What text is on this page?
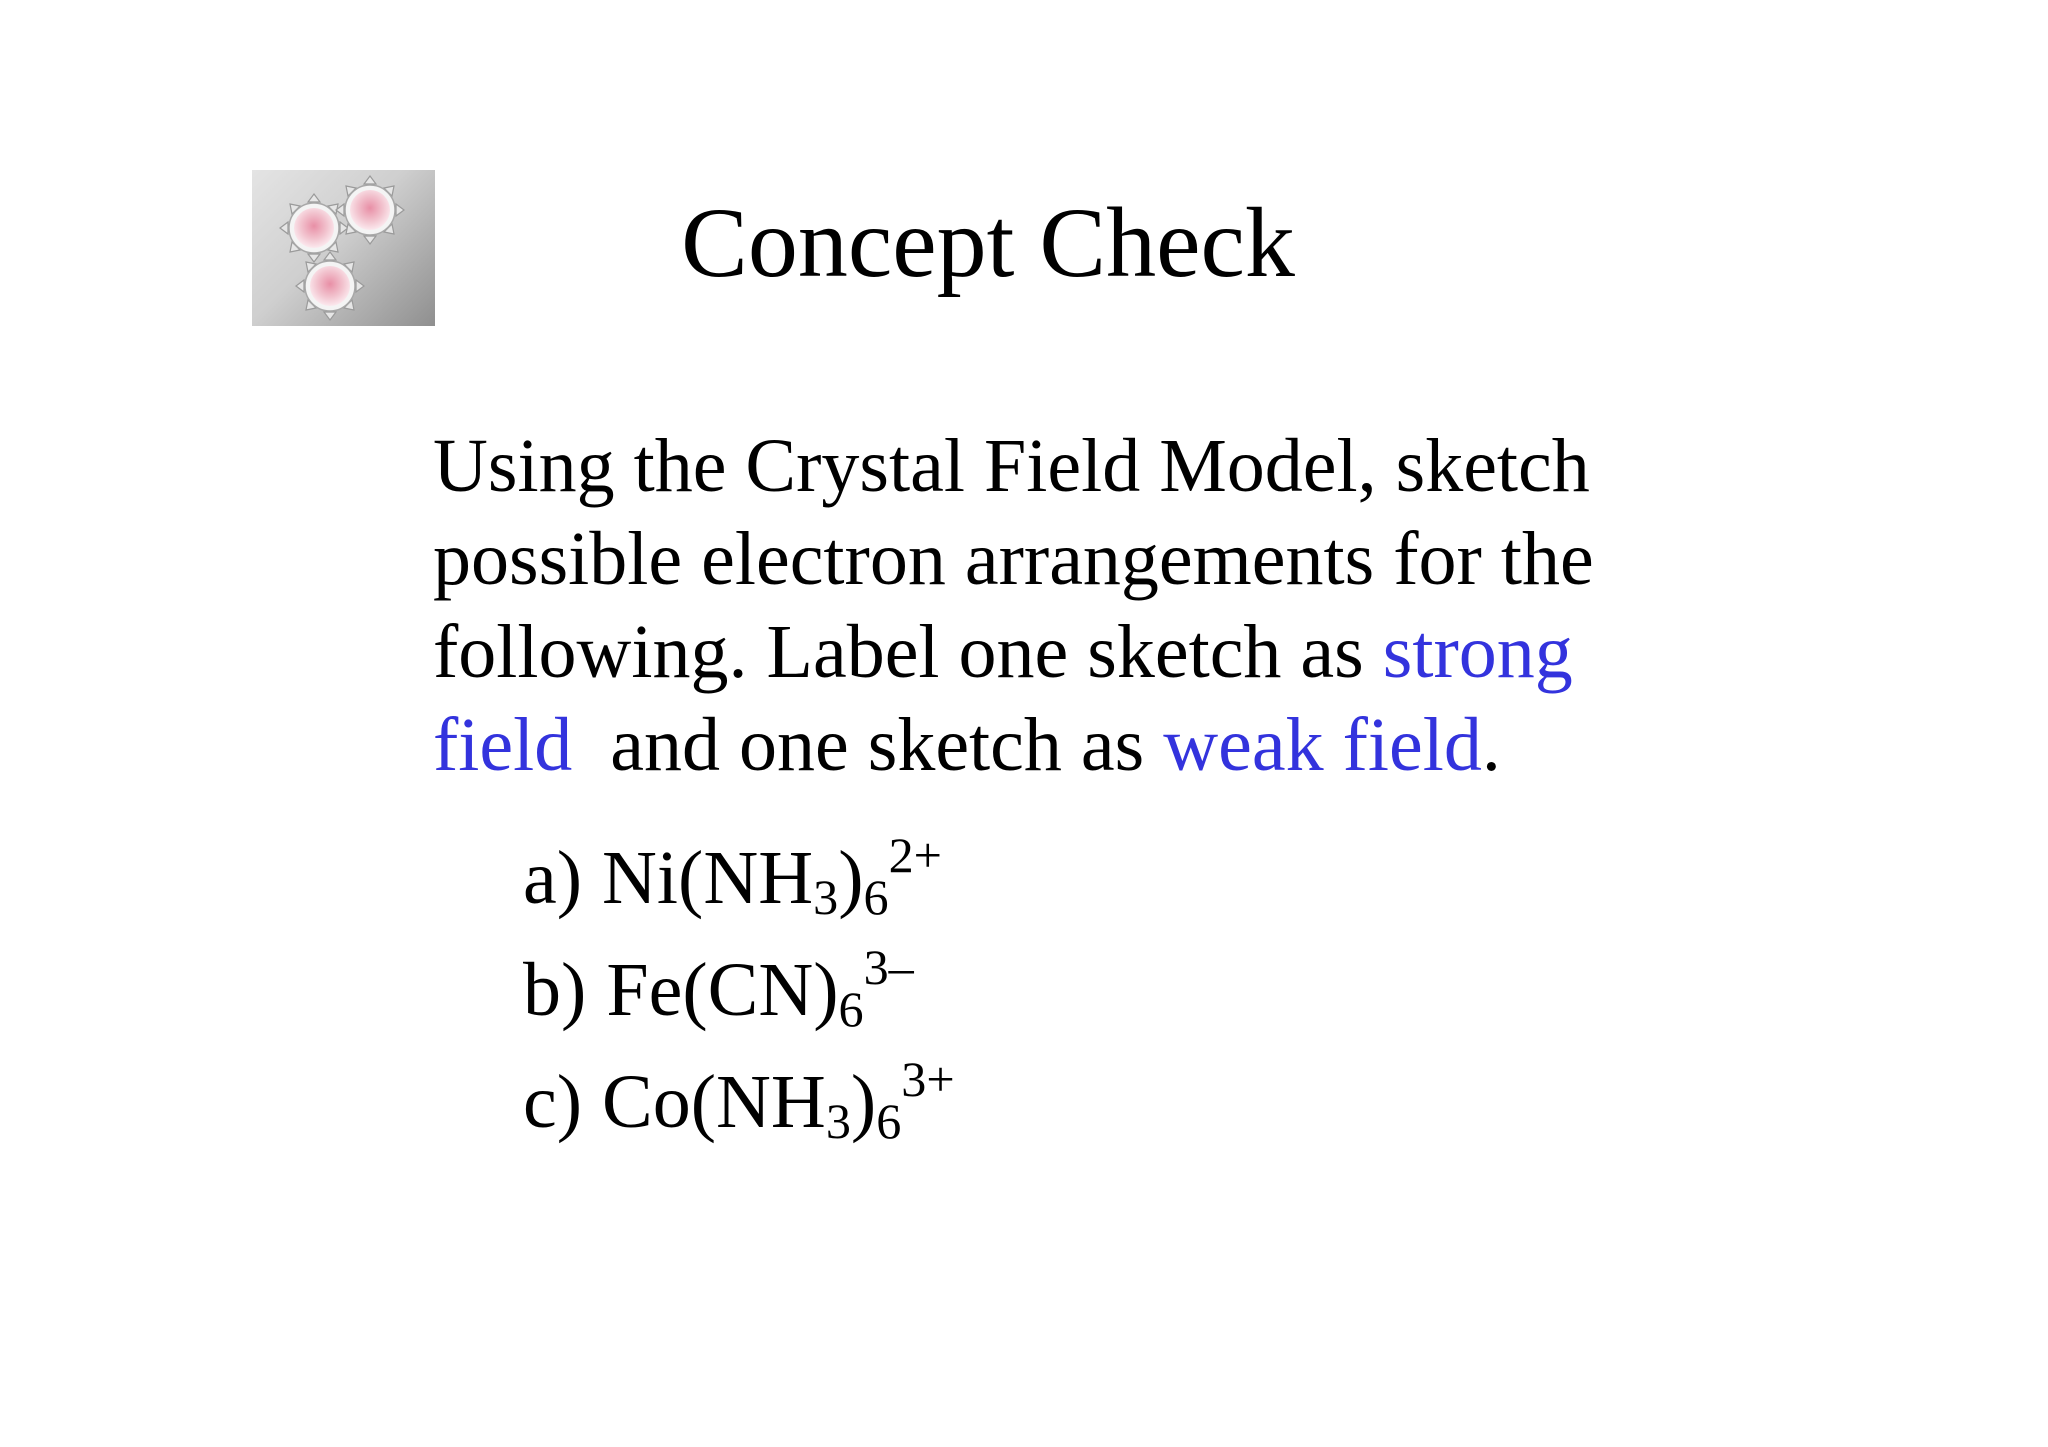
Concept Check
Using the Crystal Field Model, sketch
possible electron arrangements for the
following. Label one sketch as strong
field  and one sketch as weak field.
a) $Ni(NH_3)_6^{2+}$
b) $Fe(CN)_6^{3-}$
c) $Co(NH_3)_6^{3+}$
